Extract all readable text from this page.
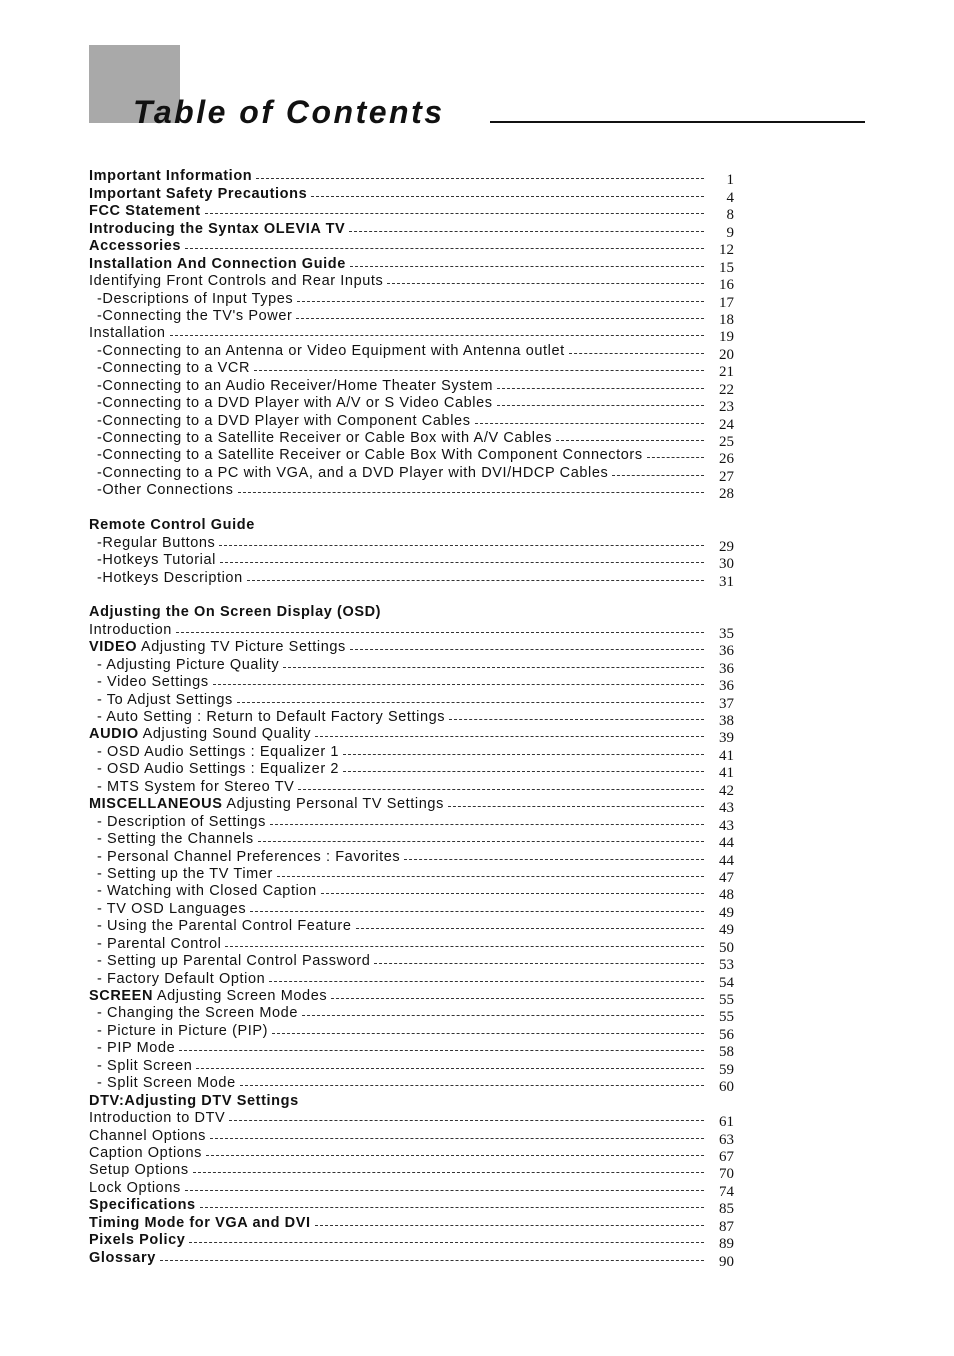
Table of Contents
Important Information	1
Important Safety Precautions	4
FCC Statement	8
Introducing the Syntax OLEVIA TV	9
Accessories	12
Installation And Connection Guide	15
Identifying Front Controls and Rear Inputs	16
-Descriptions of Input Types	17
-Connecting the TV's Power	18
Installation	19
-Connecting to an Antenna or Video Equipment with Antenna outlet	20
-Connecting to a VCR	21
-Connecting to an Audio Receiver/Home Theater System	22
-Connecting to a DVD Player with A/V or S Video Cables	23
-Connecting to a DVD Player with Component Cables	24
-Connecting to a Satellite Receiver or Cable Box with A/V Cables	25
-Connecting to a Satellite Receiver or Cable Box With Component Connectors	26
-Connecting to a PC with VGA, and a DVD Player with DVI/HDCP Cables	27
-Other Connections	28
Remote Control Guide
-Regular Buttons	29
-Hotkeys Tutorial	30
-Hotkeys Description	31
Adjusting the On Screen Display (OSD)
Introduction	35
VIDEO Adjusting TV Picture Settings	36
- Adjusting Picture Quality	36
- Video Settings	36
- To Adjust Settings	37
- Auto Setting : Return to Default Factory Settings	38
AUDIO Adjusting Sound Quality	39
- OSD Audio Settings : Equalizer 1	41
- OSD Audio Settings : Equalizer 2	41
- MTS System for Stereo TV	42
MISCELLANEOUS Adjusting Personal TV Settings	43
- Description of Settings	43
- Setting the Channels	44
- Personal Channel Preferences : Favorites	44
- Setting up the TV Timer	47
- Watching with Closed Caption	48
- TV OSD Languages	49
- Using the Parental Control Feature	49
- Parental Control	50
- Setting up Parental Control Password	53
- Factory Default Option	54
SCREEN Adjusting Screen Modes	55
- Changing the Screen Mode	55
- Picture in Picture (PIP)	56
- PIP Mode	58
- Split Screen	59
- Split Screen Mode	60
DTV:Adjusting DTV Settings
Introduction to DTV	61
Channel Options	63
Caption Options	67
Setup Options	70
Lock Options	74
Specifications	85
Timing Mode for VGA and DVI	87
Pixels Policy	89
Glossary	90
